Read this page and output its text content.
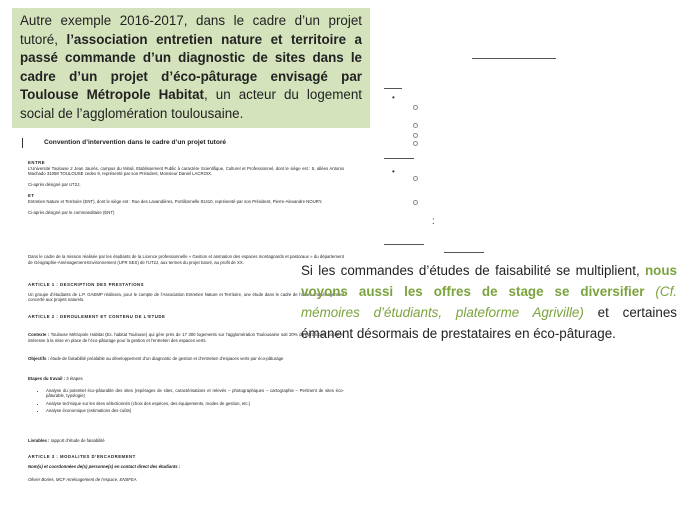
Autre exemple 2016-2017, dans le cadre d’un projet tutoré, l’association entretien nature et territoire a passé commande d’un diagnostic de sites dans le cadre d’un projet d’éco-pâturage envisagé par Toulouse Métropole Habitat, un acteur du logement social de l’agglomération toulousaine.
Convention d’intervention dans le cadre d’un projet tutoré
ENTRE
L’Université Toulouse 2 Jean Jaurès, campus du Mirail, Etablissement Public à caractère Scientifique, Culturel et Professionnel, dont le siège est : 5, allées Antonio Machado 31058 TOULOUSE cedex 9, représenté par son Président, Monsieur Daniel LACROIX.
Ci-après désigné par UT2J,
ET
Entretien Nature et Territoire (ENT), dont le siège est : Rue des Lavandières, Portillonnelle 81410, représenté par son Président, Pierre-Alexandre NOURY.
Ci-après désigné par le commanditaire (ENT)
Dans le cadre de la mission réalisée par les étudiants de la Licence professionnelle « Gestion et animation des espaces montagnards et pastoraux » du département de Géographie-Aménagement-Environnement (UFR SES) de l’UT2J, aux termes du projet tutoré, au profit de XX.
ARTICLE 1 : DESCRIPTION DES PRESTATIONS
Un groupe d’étudiants de L.P. GAEMP réalisera, pour le compte de l’Association Entretien Nature et Territoire, une étude dans le cadre de l’avant d’aménagement concerté aux projets naturels.
ARTICLE 2 : DEROULEMENT ET CONTENU DE L’ETUDE
Contexte : Toulouse Métropole Habitat (Ex. habitat Toulouse) qui gère près de 17 300 logements sur l’agglomération Toulousaine soit 20% du parc locatif social et intéresse à la mise en place de l’éco-pâturage pour la gestion et l’entretien des espaces verts.
Objectifs : étude de faisabilité préalable au développement d’un diagnostic de gestion et d’entretien d’espaces verts par éco-pâturage
Etapes du travail : 3 étapes
• Analyse du potentiel éco-pâturable des sites (repérages de sites, caractérisations et relevés – photographiques – cartographie – Pertinent de sites éco-pâturable, typologie)
• Analyse technique sur les sites sélectionnés (choix des espèces, des équipements, modes de gestion, etc.)
• Analyse économique (estimations des coûts)
Livrables : rapport d’étude de faisabilité
ARTICLE 3 : MODALITES D’ENCADREMENT
Nom(s) et coordonnées de(s) personne(s) en contact direct des étudiants :
Olivier Bories, MCF Aménagement de l’espace, ENSFEA
•
•
:
Si les commandes d’études de faisabilité se multiplient, nous voyons aussi les offres de stage se diversifier (Cf. mémoires d’étudiants, plateforme Agriville) et certaines émanent désormais de prestataires en éco-pâturage.
